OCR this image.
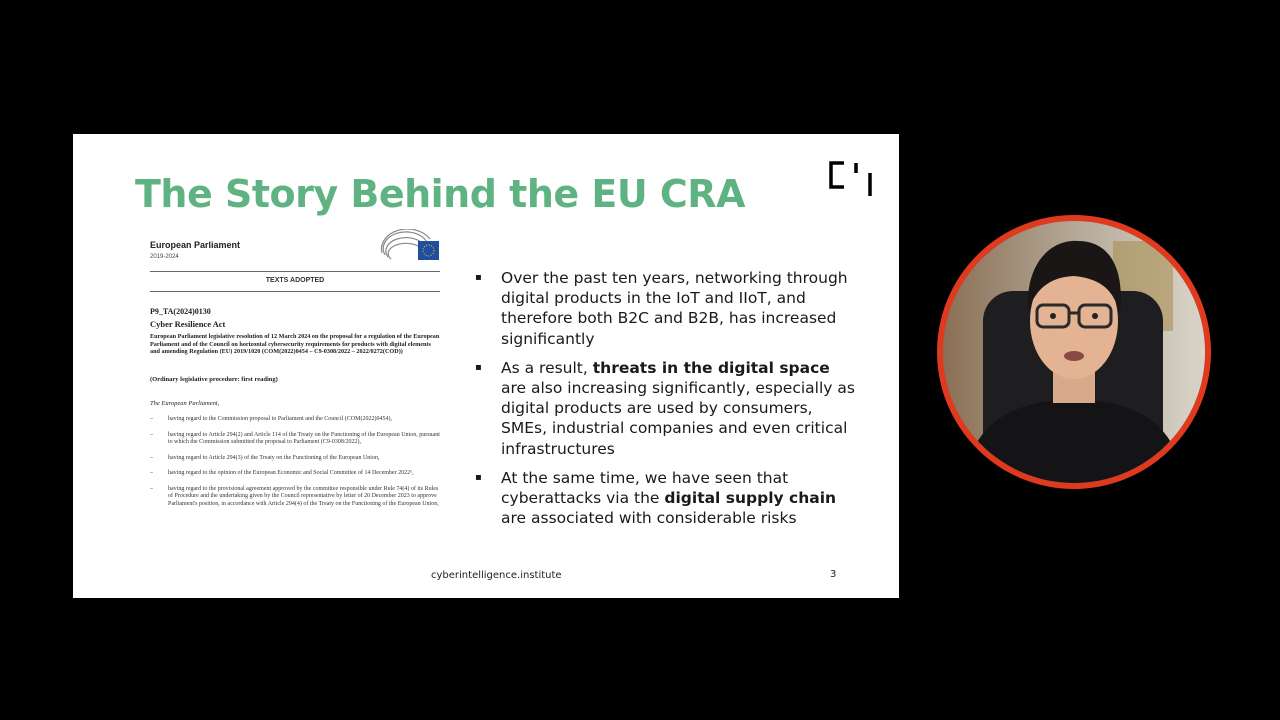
The Story Behind the EU CRA
CI
European Parliament
2019-2024
TEXTS ADOPTED
P9_TA(2024)0130
Cyber Resilience Act
European Parliament legislative resolution of 12 March 2024 on the proposal for a regulation of the European Parliament and of the Council on horizontal cybersecurity requirements for products with digital elements and amending Regulation (EU) 2019/1020 (COM(2022)0454 – C9-0308/2022 – 2022/0272(COD))
(Ordinary legislative procedure: first reading)
The European Parliament,
– having regard to the Commission proposal to Parliament and the Council (COM(2022)0454),
– having regard to Article 294(2) and Article 114 of the Treaty on the Functioning of the European Union, pursuant to which the Commission submitted the proposal to Parliament (C9-0308/2022),
– having regard to Article 294(3) of the Treaty on the Functioning of the European Union,
– having regard to the opinion of the European Economic and Social Committee of 14 December 2022¹,
– having regard to the provisional agreement approved by the committee responsible under Rule 74(4) of its Rules of Procedure and the undertaking given by the Council representative by letter of 20 December 2023 to approve Parliament's position, in accordance with Article 294(4) of the Treaty on the Functioning of the European Union,
▪ Over the past ten years, networking through digital products in the IoT and IIoT, and therefore both B2C and B2B, has increased significantly
▪ As a result, threats in the digital space are also increasing significantly, especially as digital products are used by consumers, SMEs, industrial companies and even critical infrastructures
▪ At the same time, we have seen that cyberattacks via the digital supply chain are associated with considerable risks
cyberintelligence.institute	3
